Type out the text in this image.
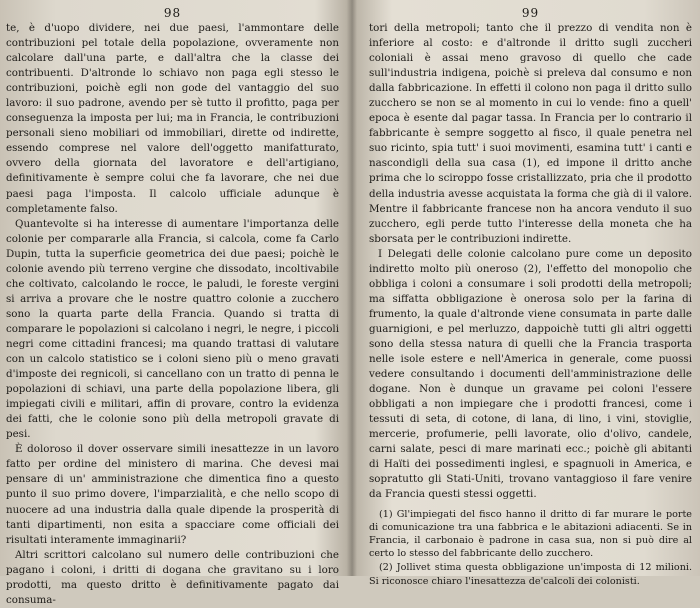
98

te, è d'uopo dividere, nei due paesi, l'ammontare delle contribuzioni pel totale della popolazione, ovveramente non calcolare dall'una parte, e dall'altra che la classe dei contribuenti. D'altronde lo schiavo non paga egli stesso le contribuzioni, poichè egli non gode del vantaggio del suo lavoro: il suo padrone, avendo per sè tutto il profitto, paga per conseguenza la imposta per lui; ma in Francia, le contribuzioni personali sieno mobiliari od immobiliari, dirette od indirette, essendo comprese nel valore dell'oggetto manifatturato, ovvero della giornata del lavoratore e dell'artigiano, definitivamente è sempre colui che fa lavorare, che nei due paesi paga l'imposta. Il calcolo ufficiale adunque è completamente falso.

Quantevolte si ha interesse di aumentare l'importanza delle colonie per compararle alla Francia, si calcola, come fa Carlo Dupin, tutta la superficie geometrica dei due paesi; poichè le colonie avendo più terreno vergine che dissodato, incoltivabile che coltivato, calcolando le rocce, le paludi, le foreste vergini si arriva a provare che le nostre quattro colonie a zucchero sono la quarta parte della Francia. Quando si tratta di comparare le popolazioni si calcolano i negri, le negre, i piccoli negri come cittadini francesi; ma quando trattasi di valutare con un calcolo statistico se i coloni sieno più o meno gravati d'imposte dei regnicoli, si cancellano con un tratto di penna le popolazioni di schiavi, una parte della popolazione libera, gli impiegati civili e militari, affin di provare, contro la evidenza dei fatti, che le colonie sono più della metropoli gravate di pesi.

È doloroso il dover osservare simili inesattezze in un lavoro fatto per ordine del ministero di marina. Che devesi mai pensare di un' amministrazione che dimentica fino a questo punto il suo primo dovere, l'imparzialità, e che nello scopo di nuocere ad una industria dalla quale dipende la prosperità di tanti dipartimenti, non esita a spacciare come officiali dei risultati interamente immaginarii?

Altri scrittori calcolano sul numero delle contribuzioni che pagano i coloni, i dritti di dogana che gravitano su i loro prodotti, ma questo dritto è definitivamente pagato dai consuma-

99

tori della metropoli; tanto che il prezzo di vendita non è inferiore al costo: e d'altronde il dritto sugli zuccheri coloniali è assai meno gravoso di quello che cade sull'industria indigena, poichè si preleva dal consumo e non dalla fabbricazione. In effetti il colono non paga il dritto sullo zucchero se non se al momento in cui lo vende: fino a quell' epoca è esente dal pagar tassa. In Francia per lo contrario il fabbricante è sempre soggetto al fisco, il quale penetra nel suo ricinto, spia tutt' i suoi movimenti, esamina tutt' i canti e nascondigli della sua casa (1), ed impone il dritto anche prima che lo sciroppo fosse cristallizzato, pria che il prodotto della industria avesse acquistata la forma che già di il valore. Mentre il fabbricante francese non ha ancora venduto il suo zucchero, egli perde tutto l'interesse della moneta che ha sborsata per le contribuzioni indirette.

I Delegati delle colonie calcolano pure come un deposito indiretto molto più oneroso (2), l'effetto del monopolio che obbliga i coloni a consumare i soli prodotti della metropoli; ma siffatta obbligazione è onerosa solo per la farina di frumento, la quale d'altronde viene consumata in parte dalle guarnigioni, e pel merluzzo, dappoichè tutti gli altri oggetti sono della stessa natura di quelli che la Francia trasporta nelle isole estere e nell'America in generale, come puossi vedere consultando i documenti dell'amministrazione delle dogane. Non è dunque un gravame pei coloni l'essere obbligati a non impiegare che i prodotti francesi, come i tessuti di seta, di cotone, di lana, di lino, i vini, stoviglie, mercerie, profumerie, pelli lavorate, olio d'olivo, candele, carni salate, pesci di mare marinati ecc.; poichè gli abitanti di Haïti dei possedimenti inglesi, e spagnuoli in America, e sopratutto gli Stati-Uniti, trovano vantaggioso il fare venire da Francia questi stessi oggetti.

(1) Gl'impiegati del fisco hanno il dritto di far murare le porte di comunicazione tra una fabbrica e le abitazioni adiacenti. Se in Francia, il carbonaio è padrone in casa sua, non si può dire al certo lo stesso del fabbricante dello zucchero.

(2) Jollivet stima questa obbligazione un'imposta di 12 milioni. Si riconosce chiaro l'inesattezza de'calcoli dei colonisti.
